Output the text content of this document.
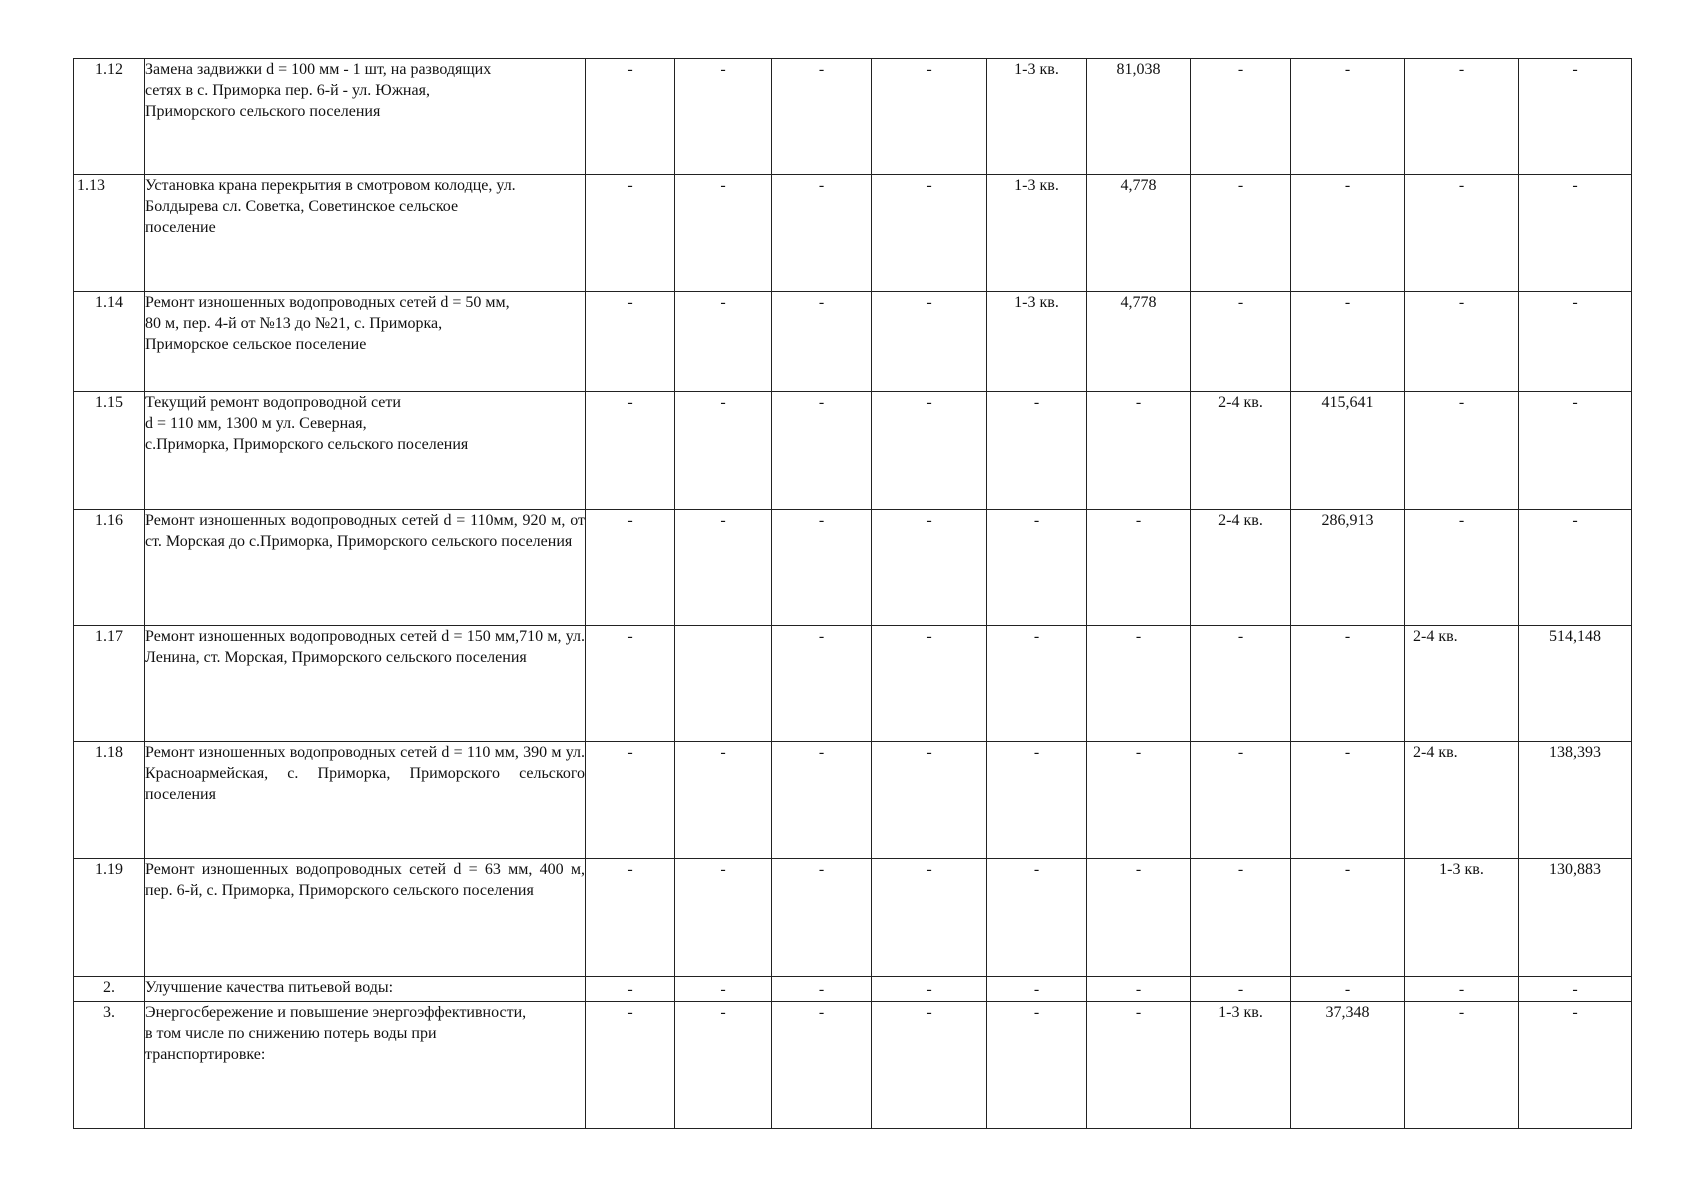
1.12	Замена задвижки d = 100 мм - 1 шт, на разводящих
сетях в с. Приморка пер. 6-й - ул. Южная,
Приморского сельского поселения	-	-	-	-	1-3 кв.	81,038	-	-	-	-
1.13	Установка крана перекрытия в смотровом колодце, ул.
Болдырева сл. Советка, Советинское сельское
поселение	-	-	-	-	1-3 кв.	4,778	-	-	-	-
1.14	Ремонт изношенных водопроводных сетей d = 50 мм,
80 м, пер. 4-й от №13 до №21, с. Приморка,
Приморское сельское поселение	-	-	-	-	1-3 кв.	4,778	-	-	-	-
1.15	Текущий ремонт водопроводной сети
d = 110 мм, 1300 м ул. Северная,
с.Приморка, Приморского сельского поселения	-	-	-	-	-	-	2-4 кв.	415,641	-	-
1.16	Ремонт изношенных водопроводных сетей d = 110мм, 920 м, от ст. Морская до с.Приморка, Приморского сельского поселения	-	-	-	-	-	-	2-4 кв.	286,913	-	-
1.17	Ремонт изношенных водопроводных сетей d = 150 мм,710 м, ул. Ленина, ст. Морская, Приморского сельского поселения	-		-	-	-	-	-	-	2-4 кв.	514,148
1.18	Ремонт изношенных водопроводных сетей d = 110 мм, 390 м ул. Красноармейская, с. Приморка, Приморского сельского поселения	-	-	-	-	-	-	-	-	2-4 кв.	138,393
1.19	Ремонт изношенных водопроводных сетей d = 63 мм, 400 м, пер. 6-й, с. Приморка, Приморского сельского поселения	-	-	-	-	-	-	-	-	1-3 кв.	130,883
2.	Улучшение качества питьевой воды:	-	-	-	-	-	-	-	-	-	-
3.	Энергосбережение и повышение энергоэффективности,
в том числе по снижению потерь воды при
транспортировке:	-	-	-	-	-	-	1-3 кв.	37,348	-	-
